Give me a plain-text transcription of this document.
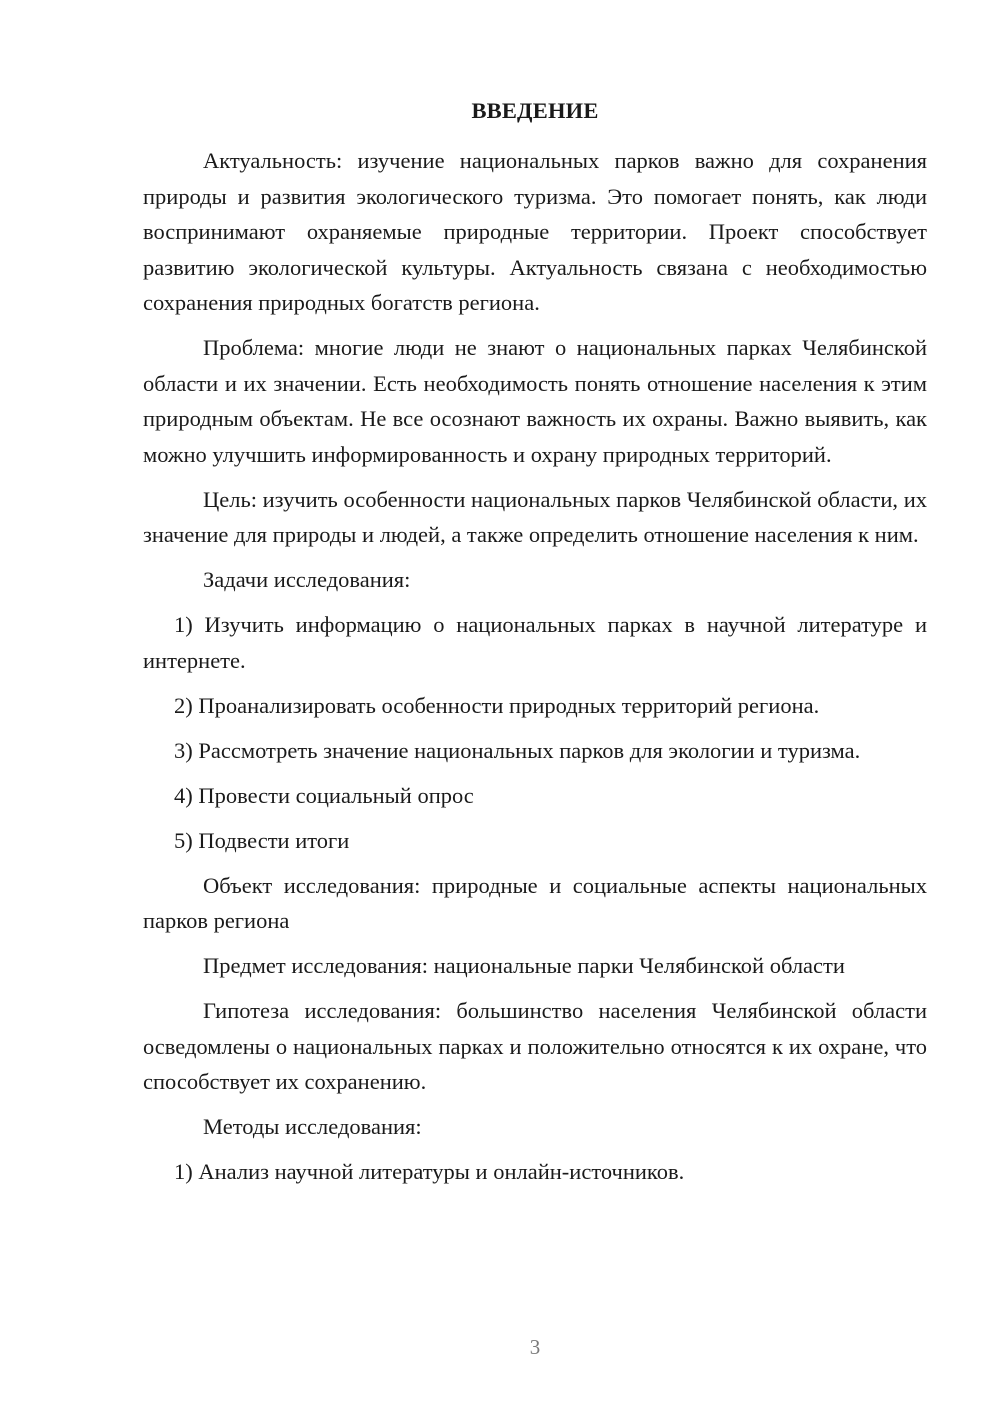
ВВЕДЕНИЕ

Актуальность: изучение национальных парков важно для сохранения природы и развития экологического туризма. Это помогает понять, как люди воспринимают охраняемые природные территории. Проект способствует развитию экологической культуры. Актуальность связана с необходимостью сохранения природных богатств региона.

Проблема: многие люди не знают о национальных парках Челябинской области и их значении. Есть необходимость понять отношение населения к этим природным объектам. Не все осознают важность их охраны. Важно выявить, как можно улучшить информированность и охрану природных территорий.

Цель: изучить особенности национальных парков Челябинской области, их значение для природы и людей, а также определить отношение населения к ним.

Задачи исследования:

1) Изучить информацию о национальных парках в научной литературе и интернете.

2) Проанализировать особенности природных территорий региона.

3) Рассмотреть значение национальных парков для экологии и туризма.

4) Провести социальный опрос

5) Подвести итоги

Объект исследования: природные и социальные аспекты национальных парков региона

Предмет исследования: национальные парки Челябинской области

Гипотеза исследования: большинство населения Челябинской области осведомлены о национальных парках и положительно относятся к их охране, что способствует их сохранению.

Методы исследования:

1) Анализ научной литературы и онлайн-источников.

3
